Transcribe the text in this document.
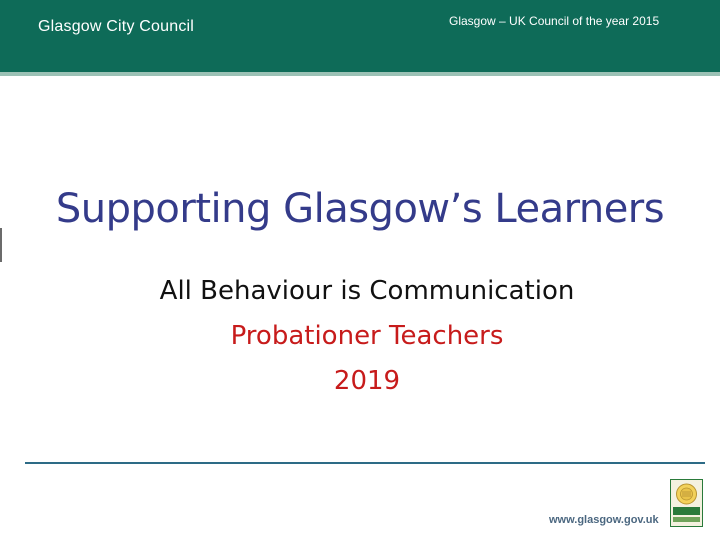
Glasgow City Council	Glasgow – UK Council of the year 2015
Supporting Glasgow’s Learners
All Behaviour is Communication
Probationer Teachers
2019
www.glasgow.gov.uk
